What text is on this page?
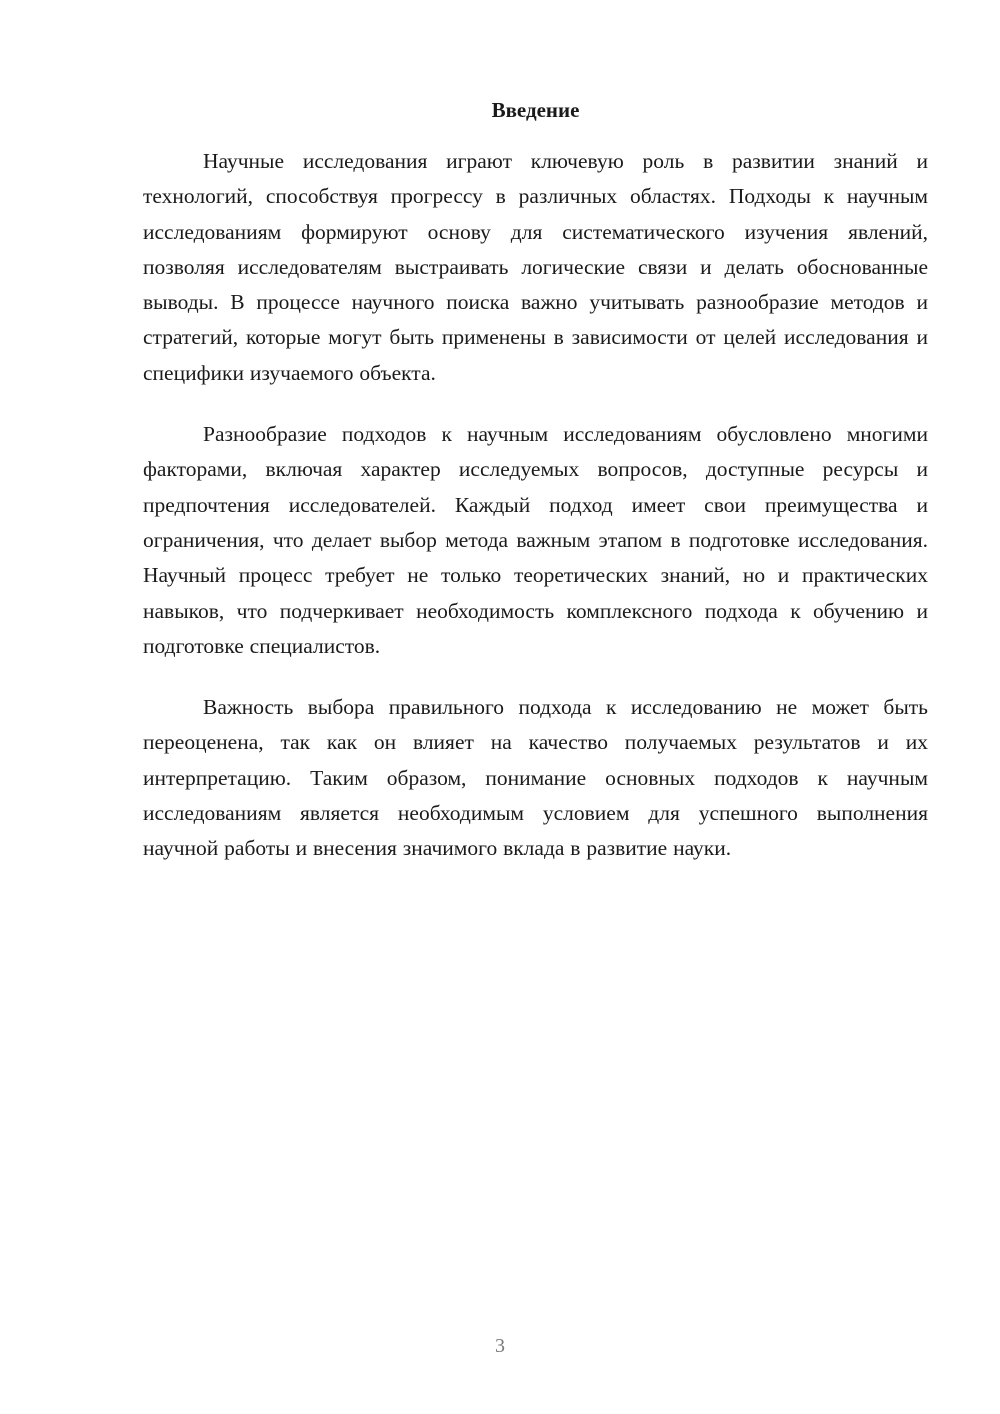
Введение

Научные исследования играют ключевую роль в развитии знаний и технологий, способствуя прогрессу в различных областях. Подходы к научным исследованиям формируют основу для систематического изучения явлений, позволяя исследователям выстраивать логические связи и делать обоснованные выводы. В процессе научного поиска важно учитывать разнообразие методов и стратегий, которые могут быть применены в зависимости от целей исследования и специфики изучаемого объекта.

Разнообразие подходов к научным исследованиям обусловлено многими факторами, включая характер исследуемых вопросов, доступные ресурсы и предпочтения исследователей. Каждый подход имеет свои преимущества и ограничения, что делает выбор метода важным этапом в подготовке исследования. Научный процесс требует не только теоретических знаний, но и практических навыков, что подчеркивает необходимость комплексного подхода к обучению и подготовке специалистов.

Важность выбора правильного подхода к исследованию не может быть переоценена, так как он влияет на качество получаемых результатов и их интерпретацию. Таким образом, понимание основных подходов к научным исследованиям является необходимым условием для успешного выполнения научной работы и внесения значимого вклада в развитие науки.

3
